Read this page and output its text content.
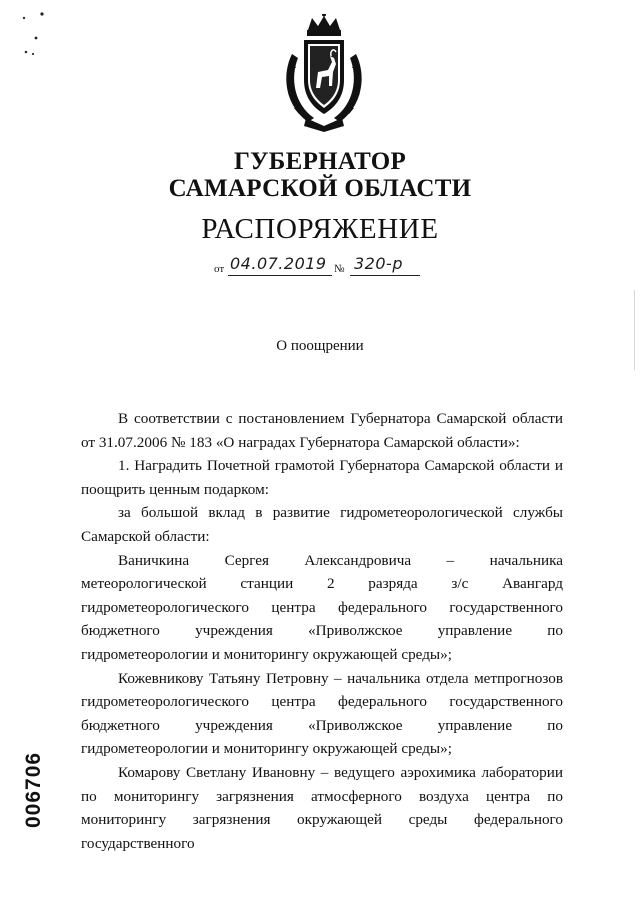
ГУБЕРНАТОР
САМАРСКОЙ ОБЛАСТИ
РАСПОРЯЖЕНИЕ
от 04.07.2019 № 320-р
О поощрении

В соответствии с постановлением Губернатора Самарской области от 31.07.2006 № 183 «О наградах Губернатора Самарской области»:

1. Наградить Почетной грамотой Губернатора Самарской области и поощрить ценным подарком:

за большой вклад в развитие гидрометеорологической службы Самарской области:

Ваничкина Сергея Александровича – начальника метеорологической станции 2 разряда з/с Авангард гидрометеорологического центра федерального государственного бюджетного учреждения «Приволжское управление по гидрометеорологии и мониторингу окружающей среды»;

Кожевникову Татьяну Петровну – начальника отдела метпрогнозов гидрометеорологического центра федерального государственного бюджетного учреждения «Приволжское управление по гидрометеорологии и мониторингу окружающей среды»;

Комарову Светлану Ивановну – ведущего аэрохимика лаборатории по мониторингу загрязнения атмосферного воздуха центра по мониторингу загрязнения окружающей среды федерального государственного

006706
